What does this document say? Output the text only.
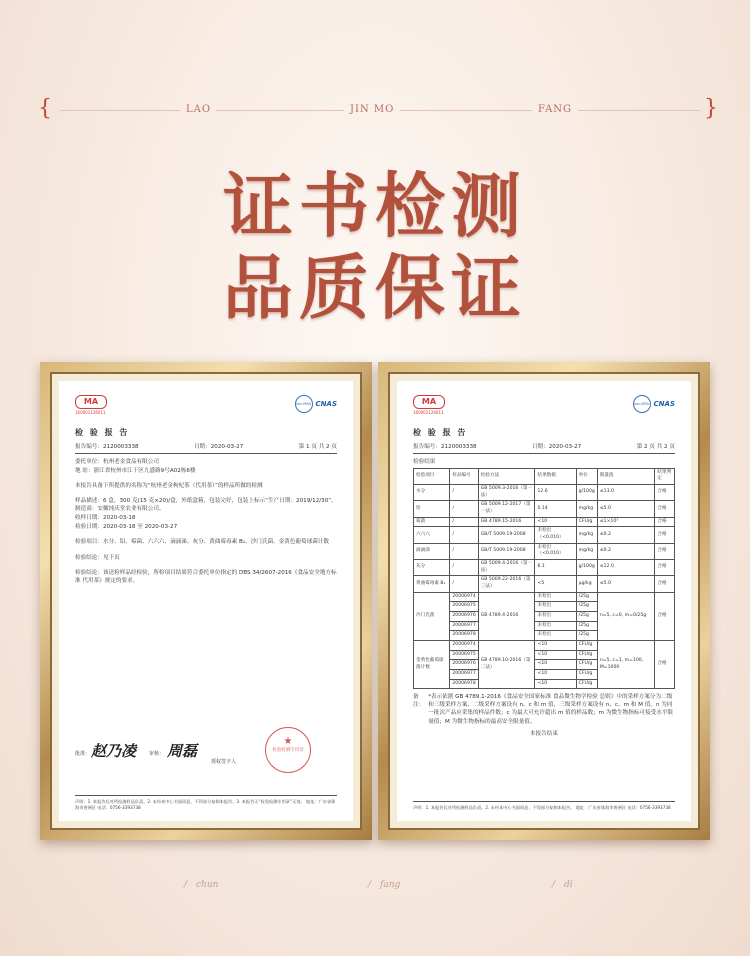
{	LAO	JIN MO	FANG	}
证书检测
品质保证
MA
160001126011
ilac-MRA CNAS
检 验 报 告
报告编号：2120003338	日期：2020-03-27	第 1 页 共 2 页
委托单位：杭州老金食品有限公司
地 址：浙江省杭州市江干区九盛路9号A02栋6楼
本报告具备下所提供的名称为“杭州老金枸杞茶（代用茶）”的样品所做的检测
样品描述：6 盒，300 克(15 克×20)/盒，外纸盒箱，包装完好，包装上标示“生产日期：2019/12/30”，制造商：安徽纯庆堂农业有限公司。
收样日期：2020-03-18
检验日期：2020-03-18 至 2020-03-27
检验项目：水分、铅、霉菌、六六六、滴滴涕、灰分、黄曲霉毒素 B₁、沙门氏菌、金黄色葡萄球菌计数
检验结论：见下页
检验结论：该送检样品经检验，所检项目结果符合委托单位指定的 DBS 34/2607-2016《食品安全地方标准 代用茶》规定的要求。
批准： 赵乃凌	审核： 周磊
授权签字人
★
检验检测专用章
声明：1. 本报告仅对所检测样品负责。2. 未经本中心书面同意，不得部分复制本报告。3. 本报告无“检验检测专用章”无效。 地址：广东省珠海市香洲区 电话：0756-3393738
MA
160001126011
ilac-MRA CNAS
检 验 报 告
报告编号：2120003338	日期：2020-03-27	第 2 页 共 2 页
检验结果
检验项目	样品编号	检验方法	结果数据	单位	限量值	结果判定
水分	/	GB 5009.3-2016（第一法）	12.6	g/100g	≤13.0	合格
铅	/	GB 5009.12-2017（第一法）	0.14	mg/kg	≤5.0	合格
霉菌	/	GB 4789.15-2016	<10	CFU/g	≤1×10³	合格
六六六	/	GB/T 5009.19-2008	未检出（<0.010）	mg/kg	≤0.2	合格
滴滴涕	/	GB/T 5009.19-2008	未检出（<0.010）	mg/kg	≤0.2	合格
灰分	/	GB 5009.4-2016（第一法）	6.1	g/100g	≤12.0	合格
黄曲霉毒素 B₁	/	GB 5009.22-2016（第三法）	<5	μg/kg	≤5.0	合格
沙门氏菌	20006974	GB 4789.4-2016	未检出	/25g	n=5, c=0, m=0/25g	合格
	20006975		未检出	/25g		
	20006976		未检出	/25g		
	20006977		未检出	/25g		
	20006978		未检出	/25g		
金黄色葡萄球菌计数	20006974	GB 4789.10-2016（第二法）	<10	CFU/g	n=5, c=1, m=100, M=1000	合格
	20006975		<10	CFU/g		
	20006976		<10	CFU/g		
	20006977		<10	CFU/g		
	20006978		<10	CFU/g		
备 注：
*表示依据 GB 4789.1-2016《食品安全国家标准 食品微生物学检验 总则》中的采样方案分为二级和三级采样方案，二级采样方案设有 n、c 和 m 值，三级采样方案设有 n、c、m 和 M 值。n 为同一批次产品应采集的样品件数；c 为最大可允许超出 m 值的样品数；m 为微生物指标可接受水平限量值；M 为微生物指标的最高安全限量值。
本报告结束
声明：1. 本报告仅对所检测样品负责。2. 未经本中心书面同意，不得部分复制本报告。 地址：广东省珠海市香洲区 电话：0756-3393738
/ chun	/ fang	/ di
